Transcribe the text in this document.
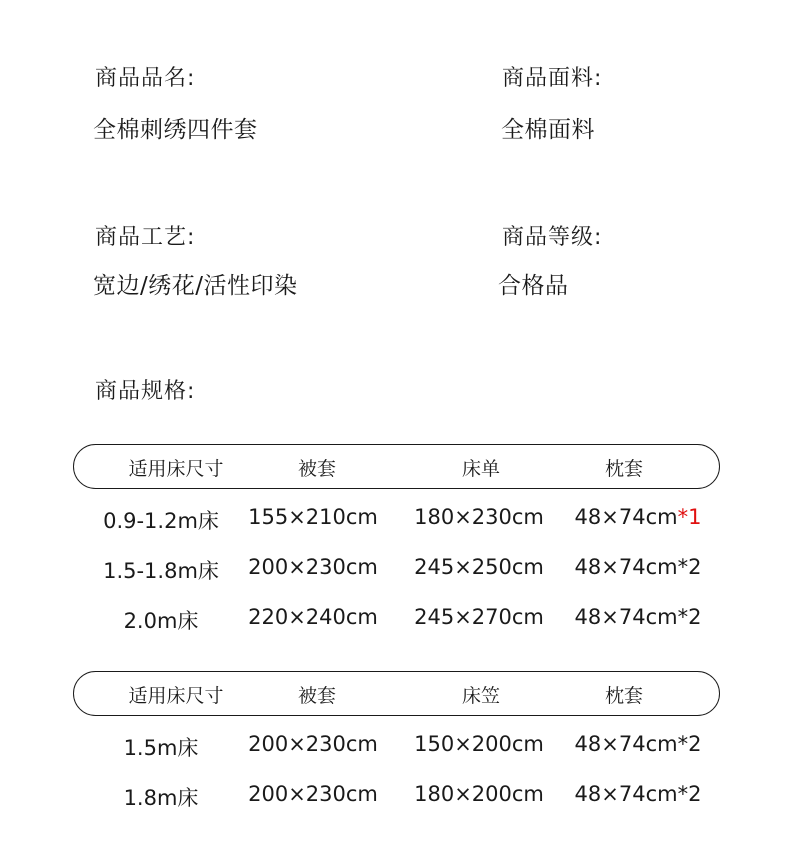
商品品名:
全棉刺绣四件套
商品面料:
全棉面料
商品工艺:
宽边/绣花/活性印染
商品等级:
合格品
商品规格:
适用床尺寸	被套	床单	枕套
0.9-1.2m床	155×210cm	180×230cm	48×74cm*1
1.5-1.8m床	200×230cm	245×250cm	48×74cm*2
2.0m床	220×240cm	245×270cm	48×74cm*2
适用床尺寸	被套	床笠	枕套
1.5m床	200×230cm	150×200cm	48×74cm*2
1.8m床	200×230cm	180×200cm	48×74cm*2
